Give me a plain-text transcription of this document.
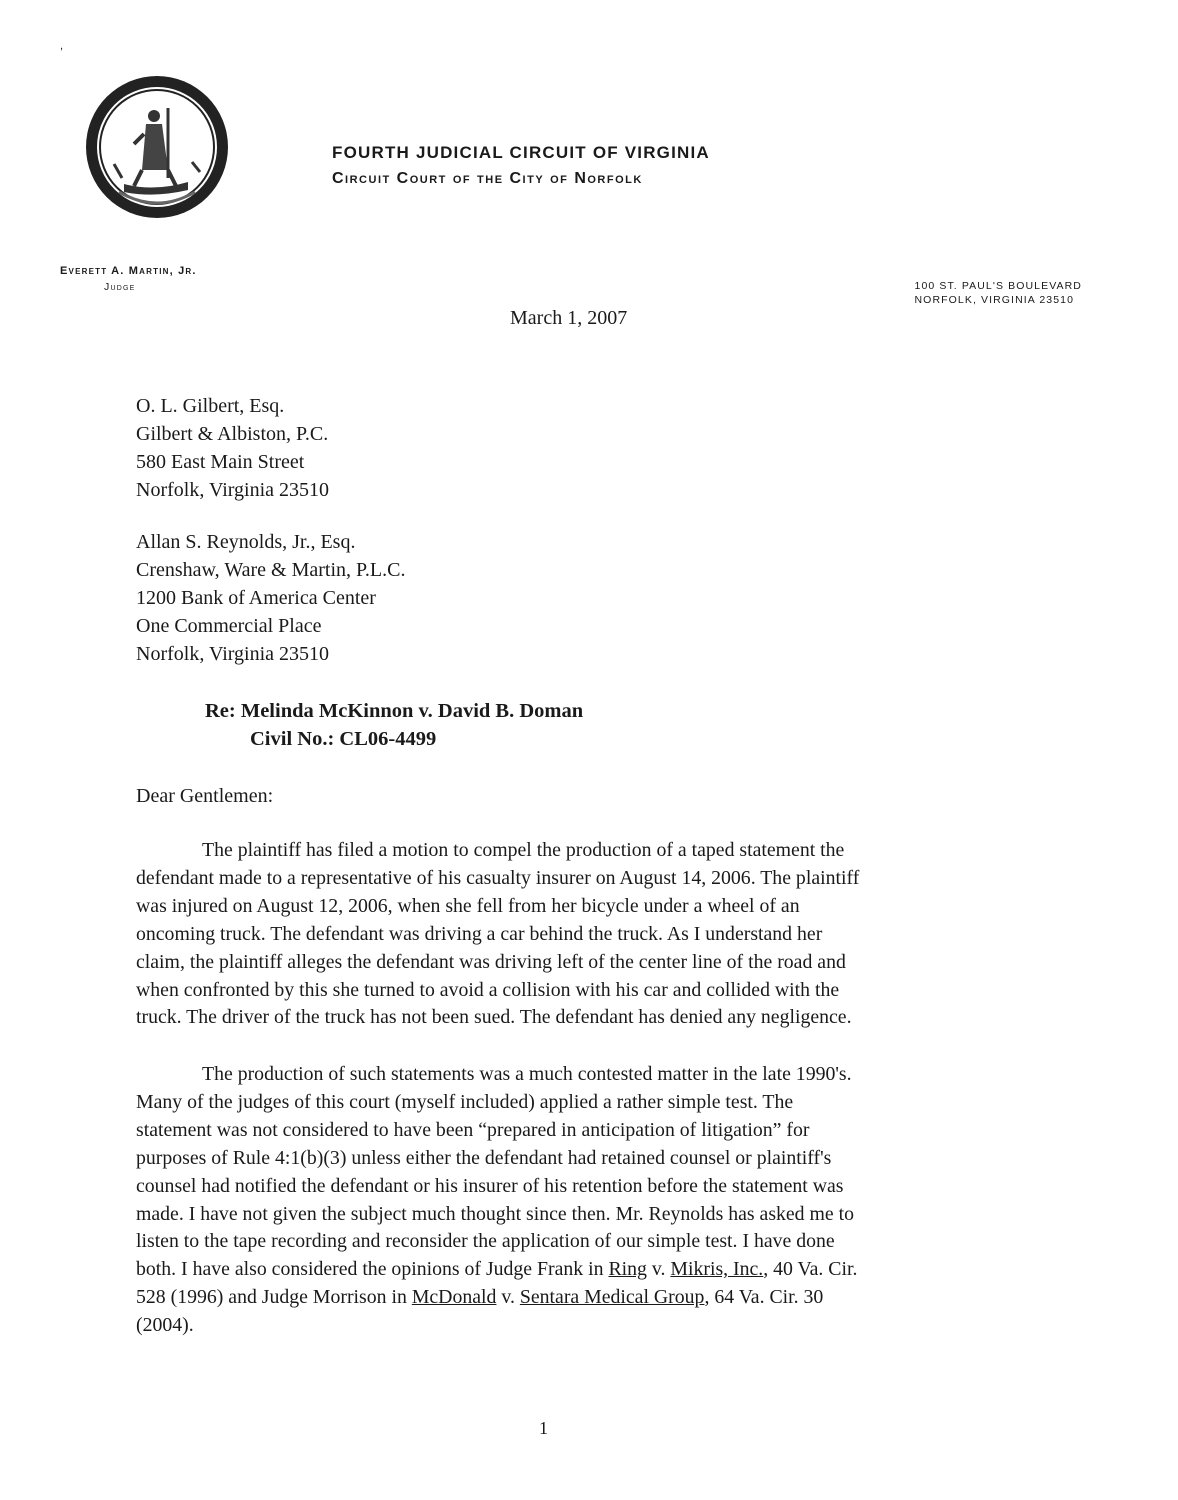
,
FOURTH JUDICIAL CIRCUIT OF VIRGINIA
Circuit Court of the City of Norfolk
Everett A. Martin, Jr.
Judge	100 ST. PAUL'S BOULEVARD
NORFOLK, VIRGINIA 23510
March 1, 2007
O. L. Gilbert, Esq.
Gilbert & Albiston, P.C.
580 East Main Street
Norfolk, Virginia 23510
Allan S. Reynolds, Jr., Esq.
Crenshaw, Ware & Martin, P.L.C.
1200 Bank of America Center
One Commercial Place
Norfolk, Virginia 23510
Re: Melinda McKinnon v. David B. Doman
Civil No.: CL06-4499
Dear Gentlemen:
The plaintiff has filed a motion to compel the production of a taped statement the
defendant made to a representative of his casualty insurer on August 14, 2006. The plaintiff
was injured on August 12, 2006, when she fell from her bicycle under a wheel of an
oncoming truck. The defendant was driving a car behind the truck. As I understand her
claim, the plaintiff alleges the defendant was driving left of the center line of the road and
when confronted by this she turned to avoid a collision with his car and collided with the
truck. The driver of the truck has not been sued. The defendant has denied any negligence.
The production of such statements was a much contested matter in the late 1990's.
Many of the judges of this court (myself included) applied a rather simple test. The
statement was not considered to have been “prepared in anticipation of litigation” for
purposes of Rule 4:1(b)(3) unless either the defendant had retained counsel or plaintiff's
counsel had notified the defendant or his insurer of his retention before the statement was
made. I have not given the subject much thought since then. Mr. Reynolds has asked me to
listen to the tape recording and reconsider the application of our simple test. I have done
both. I have also considered the opinions of Judge Frank in Ring v. Mikris, Inc., 40 Va. Cir.
528 (1996) and Judge Morrison in McDonald v. Sentara Medical Group, 64 Va. Cir. 30
(2004).
1
